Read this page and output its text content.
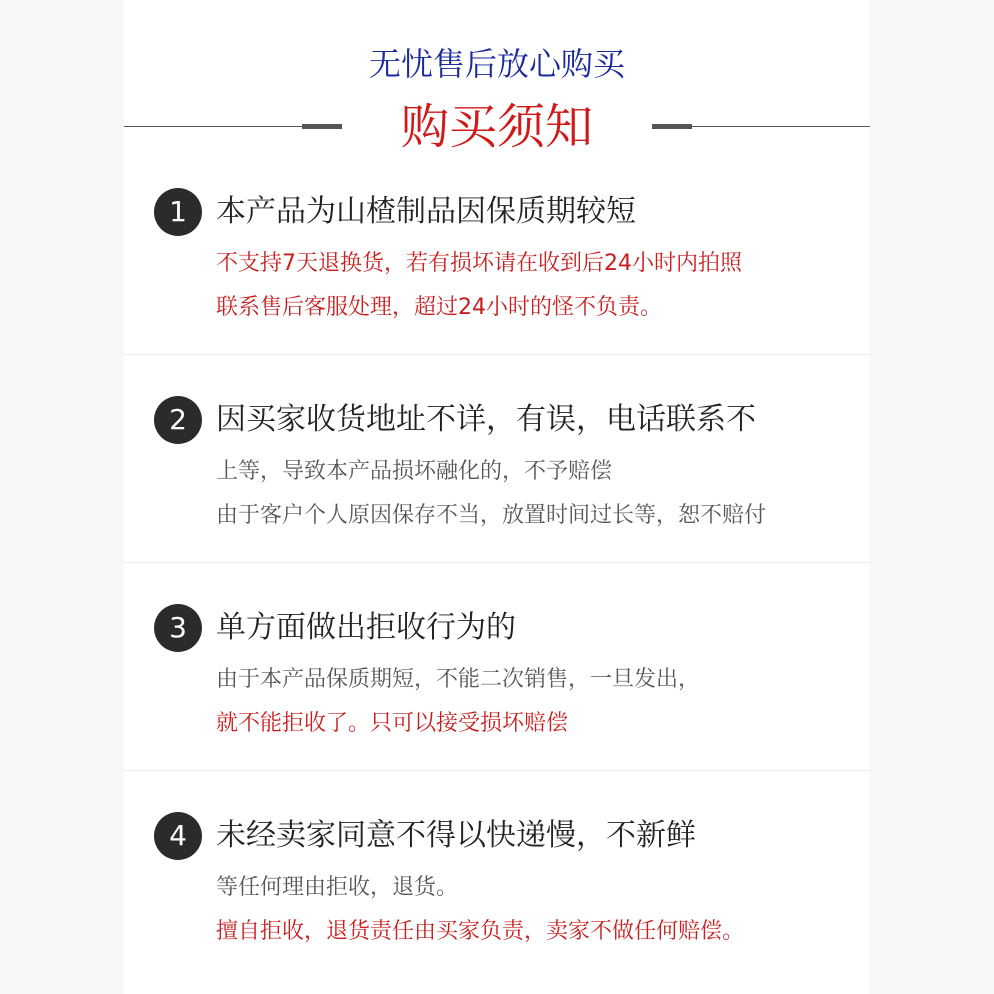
无忧售后放心购买
购买须知
1 本产品为山楂制品因保质期较短
不支持7天退换货，若有损坏请在收到后24小时内拍照
联系售后客服处理，超过24小时的怪不负责。
2 因买家收货地址不详，有误，电话联系不
上等，导致本产品损坏融化的，不予赔偿
由于客户个人原因保存不当，放置时间过长等，恕不赔付
3 单方面做出拒收行为的
由于本产品保质期短，不能二次销售，一旦发出，
就不能拒收了。只可以接受损坏赔偿
4 未经卖家同意不得以快递慢，不新鲜
等任何理由拒收，退货。
擅自拒收，退货责任由买家负责，卖家不做任何赔偿。
